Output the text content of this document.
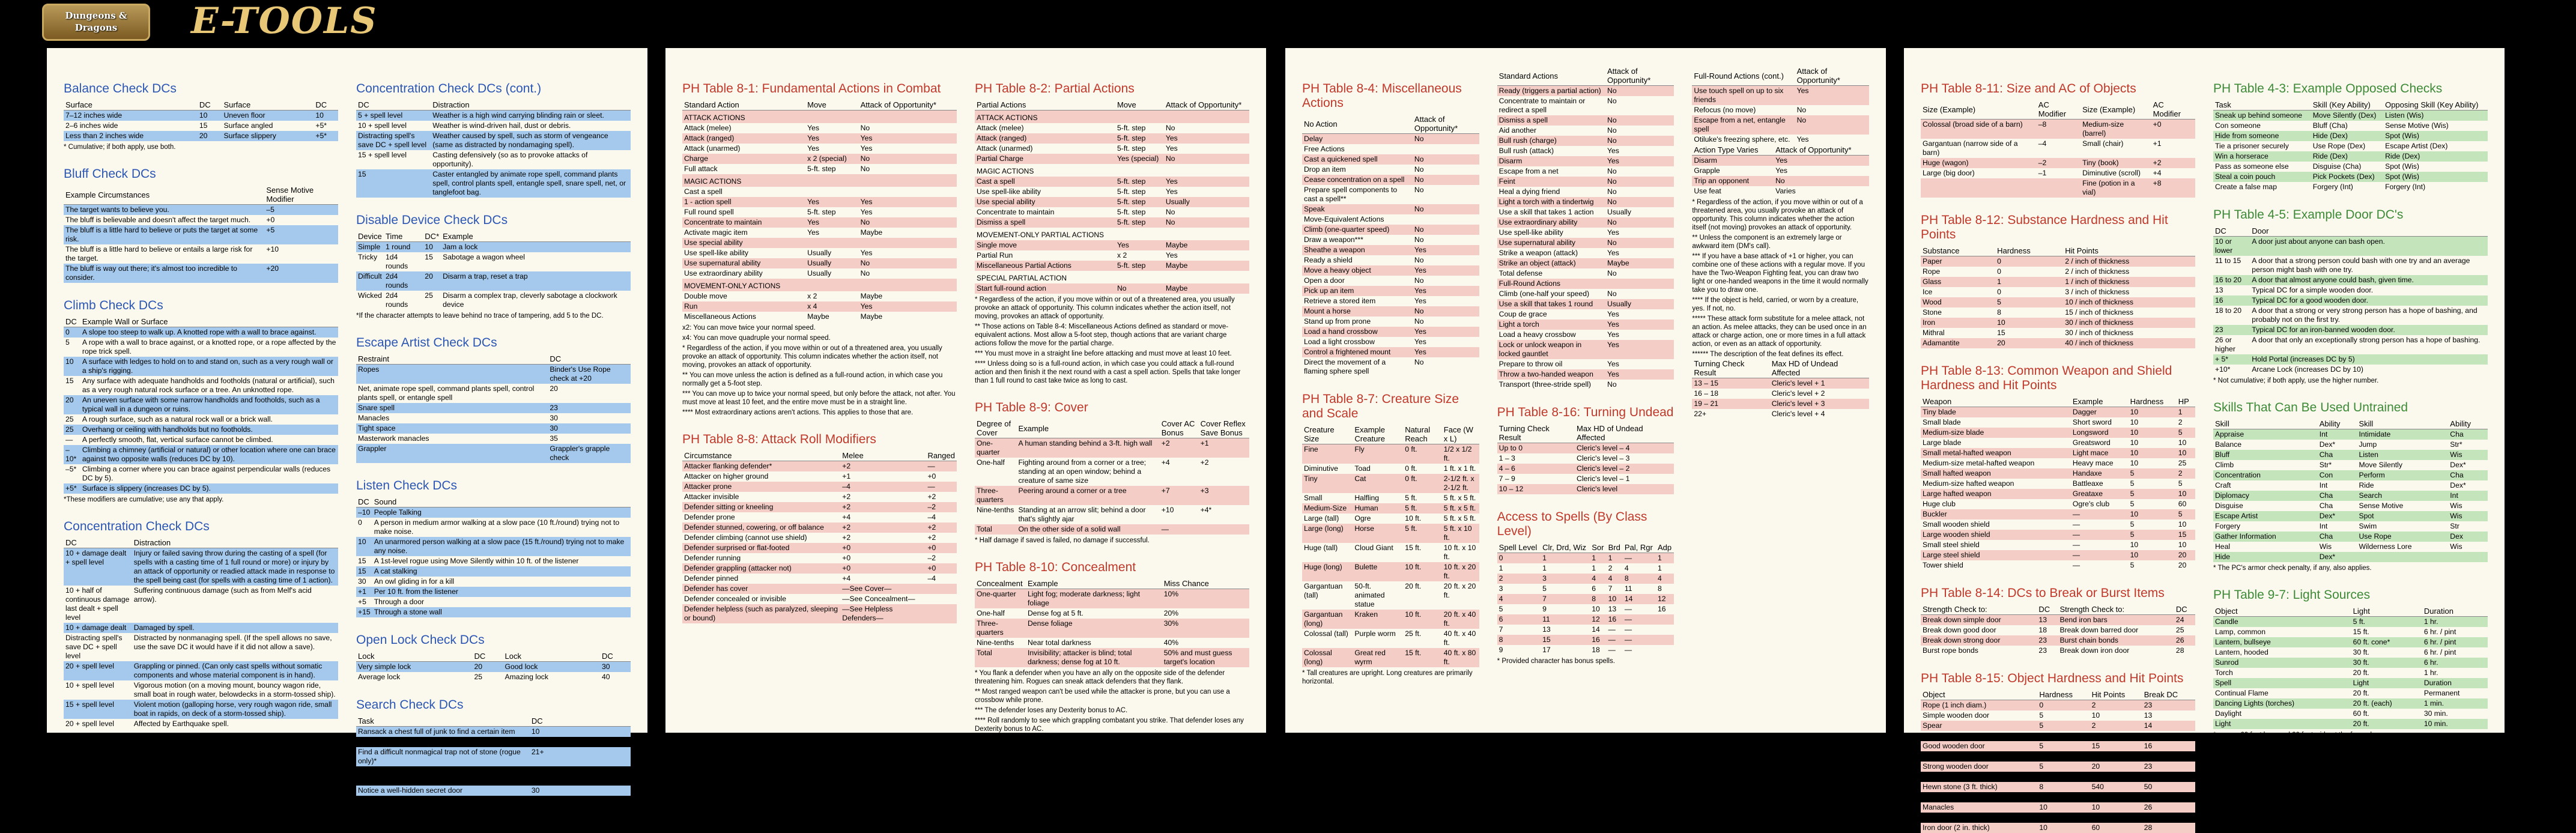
Dungeons & Dragons	E-TOOLS
Balance Check DCs
Surface	DC	Surface	DC
7–12 inches wide	10	Uneven floor	10
2–6 inches wide	15	Surface angled	+5*
Less than 2 inches wide	20	Surface slippery	+5*
* Cumulative; if both apply, use both.
Bluff Check DCs
Example Circumstances	Sense Motive Modifier
The target wants to believe you.	–5
The bluff is believable and doesn't affect the target much.	+0
The bluff is a little hard to believe or puts the target at some risk.	+5
The bluff is a little hard to believe or entails a large risk for the target.	+10
The bluff is way out there; it's almost too incredible to consider.	+20
Climb Check DCs
DC	Example Wall or Surface
0	A slope too steep to walk up. A knotted rope with a wall to brace against.
5	A rope with a wall to brace against, or a knotted rope, or a rope affected by the rope trick spell.
10	A surface with ledges to hold on to and stand on, such as a very rough wall or a ship's rigging.
15	Any surface with adequate handholds and footholds (natural or artificial), such as a very rough natural rock surface or a tree. An unknotted rope.
20	An uneven surface with some narrow handholds and footholds, such as a typical wall in a dungeon or ruins.
25	A rough surface, such as a natural rock wall or a brick wall.
25	Overhang or ceiling with handholds but no footholds.
—	A perfectly smooth, flat, vertical surface cannot be climbed.
–10*	Climbing a chimney (artificial or natural) or other location where one can brace against two opposite walls (reduces DC by 10).
–5*	Climbing a corner where you can brace against perpendicular walls (reduces DC by 5).
+5*	Surface is slippery (increases DC by 5).
*These modifiers are cumulative; use any that apply.
Concentration Check DCs
DC	Distraction
10 + damage dealt + spell level	Injury or failed saving throw during the casting of a spell (for spells with a casting time of 1 full round or more) or injury by an attack of opportunity or readied attack made in response to the spell being cast (for spells with a casting time of 1 action).
10 + half of continuous damage last dealt + spell level	Suffering continuous damage (such as from Melf's acid arrow).
10 + damage dealt	Damaged by spell.
Distracting spell's save DC + spell level	Distracted by nonmanaging spell. (If the spell allows no save, use the save DC it would have if it did not allow a save).
20 + spell level	Grappling or pinned. (Can only cast spells without somatic components and whose material component is in hand).
10 + spell level	Vigorous motion (on a moving mount, bouncy wagon ride, small boat in rough water, belowdecks in a storm-tossed ship).
15 + spell level	Violent motion (galloping horse, very rough wagon ride, small boat in rapids, on deck of a storm-tossed ship).
20 + spell level	Affected by Earthquake spell.
Concentration Check DCs (cont.)
DC	Distraction
5 + spell level	Weather is a high wind carrying blinding rain or sleet.
10 + spell level	Weather is wind-driven hail, dust or debris.
Distracting spell's save DC + spell level	Weather caused by spell, such as storm of vengeance (same as distracted by nondamaging spell).
15 + spell level	Casting defensively (so as to provoke attacks of opportunity).
15	Caster entangled by animate rope spell, command plants spell, control plants spell, entangle spell, snare spell, net, or tanglefoot bag.
Disable Device Check DCs
Device	Time	DC*	Example
Simple	1 round	10	Jam a lock
Tricky	1d4 rounds	15	Sabotage a wagon wheel
Difficult	2d4 rounds	20	Disarm a trap, reset a trap
Wicked	2d4 rounds	25	Disarm a complex trap, cleverly sabotage a clockwork device
*If the character attempts to leave behind no trace of tampering, add 5 to the DC.
Escape Artist Check DCs
Restraint	DC
Ropes	Binder's Use Rope check at +20
Net, animate rope spell, command plants spell, control plants spell, or entangle spell	20
Snare spell	23
Manacles	30
Tight space	30
Masterwork manacles	35
Grappler	Grappler's grapple check
Listen Check DCs
DC	Sound
–10	People Talking
0	A person in medium armor walking at a slow pace (10 ft./round) trying not to make noise.
10	An unarmored person walking at a slow pace (15 ft./round) trying not to make any noise.
15	A 1st-level rogue using Move Silently within 10 ft. of the listener
15	A cat stalking
30	An owl gliding in for a kill
+1	Per 10 ft. from the listener
+5	Through a door
+15	Through a stone wall
Open Lock Check DCs
Lock	DC	Lock	DC
Very simple lock	20	Good lock	30
Average lock	25	Amazing lock	40
Search Check DCs
Task	DC
Ransack a chest full of junk to find a certain item	10
Notice a typical secret door or a simple trap	20
Find a difficult nonmagical trap not of stone (rogue only)*	21+
Find a magic trap (rogue only)*	25 + level of spell used to create
Notice a well-hidden secret door	30
*Dwarves who are not rogues can use Search to find a trap built into or out of stone.
PH Table 8-1: Fundamental Actions in Combat
Standard Action	Move	Attack of Opportunity*
ATTACK ACTIONS		
Attack (melee)	Yes	No
Attack (ranged)	Yes	Yes
Attack (unarmed)	Yes	Yes
Charge	x 2 (special)	No
Full attack	5-ft. step	No
MAGIC ACTIONS		
Cast a spell		
1 - action spell	Yes	Yes
Full round spell	5-ft. step	Yes
Concentrate to maintain	Yes	No
Activate magic item	Yes	Maybe
Use special ability		
Use spell-like ability	Usually	Yes
Use supernatural ability	Usually	No
Use extraordinary ability	Usually	No
MOVEMENT-ONLY ACTIONS		
Double move	x 2	Maybe
Run	x 4	Yes
Miscellaneous Actions	Maybe	Maybe
x2: You can move twice your normal speed.
x4: You can move quadruple your normal speed.
* Regardless of the action, if you move within or out of a threatened area, you usually provoke an attack of opportunity. This column indicates whether the action itself, not moving, provokes an attack of opportunity.
** You can move unless the action is defined as a full-round action, in which case you normally get a 5-foot step.
*** You can move up to twice your normal speed, but only before the attack, not after. You must move at least 10 feet, and the entire move must be in a straight line.
**** Most extraordinary actions aren't actions. This applies to those that are.
PH Table 8-8: Attack Roll Modifiers
Circumstance	Melee	Ranged
Attacker flanking defender*	+2	—
Attacker on higher ground	+1	+0
Attacker prone	–4	—
Attacker invisible	+2	+2
Defender sitting or kneeling	+2	–2
Defender prone	+4	–4
Defender stunned, cowering, or off balance	+2	+2
Defender climbing (cannot use shield)	+2	+2
Defender surprised or flat-footed	+0	+0
Defender running	+0	–2
Defender grappling (attacker not)	+0	+0
Defender pinned	+4	–4
Defender has cover	—See Cover—	
Defender concealed or invisible	—See Concealment—	
Defender helpless (such as paralyzed, sleeping or bound)	—See Helpless Defenders—	
PH Table 8-2: Partial Actions
Partial Actions	Move	Attack of Opportunity*
ATTACK ACTIONS		
Attack (melee)	5-ft. step	No
Attack (ranged)	5-ft. step	Yes
Attack (unarmed)	5-ft. step	Yes
Partial Charge	Yes (special)	No
MAGIC ACTIONS		
Cast a spell	5-ft. step	Yes
Use spell-like ability	5-ft. step	Yes
Use special ability	5-ft. step	Usually
Concentrate to maintain	5-ft. step	No
Dismiss a spell	5-ft. step	No
MOVEMENT-ONLY PARTIAL ACTIONS		
Single move	Yes	Maybe
Partial Run	x 2	Yes
Miscellaneous Partial Actions	5-ft. step	Maybe
SPECIAL PARTIAL ACTION		
Start full-round action	No	Maybe
* Regardless of the action, if you move within or out of a threatened area, you usually provoke an attack of opportunity. This column indicates whether the action itself, not moving, provokes an attack of opportunity.
** Those actions on Table 8-4: Miscellaneous Actions defined as standard or move-equivalent actions. Most allow a 5-foot step, though actions that are variant charge actions follow the move for the partial charge.
*** You must move in a straight line before attacking and must move at least 10 feet.
**** Unless doing so is a full-round action, in which case you could attack a full-round action and then finish it the next round with a cast a spell action. Spells that take longer than 1 full round to cast take twice as long to cast.
PH Table 8-9: Cover
Degree of Cover	Example	Cover AC Bonus	Cover Reflex Save Bonus
One-quarter	A human standing behind a 3-ft. high wall	+2	+1
One-half	Fighting around from a corner or a tree; standing at an open window; behind a creature of same size	+4	+2
Three-quarters	Peering around a corner or a tree	+7	+3
Nine-tenths	Standing at an arrow slit; behind a door that's slightly ajar	+10	+4*
Total	On the other side of a solid wall	—	
* Half damage if saved is failed, no damage if successful.
PH Table 8-10: Concealment
Concealment	Example	Miss Chance
One-quarter	Light fog; moderate darkness; light foliage	10%
One-half	Dense fog at 5 ft.	20%
Three-quarters	Dense foliage	30%
Nine-tenths	Near total darkness	40%
Total	Invisibility; attacker is blind; total darkness; dense fog at 10 ft.	50% and must guess target's location
* You flank a defender when you have an ally on the opposite side of the defender threatening him. Rogues can sneak attack defenders that they flank.
** Most ranged weapon can't be used while the attacker is prone, but you can use a crossbow while prone.
*** The defender loses any Dexterity bonus to AC.
**** Roll randomly to see which grappling combatant you strike. That defender loses any Dexterity bonus to AC.
PH Table 8-4: Miscellaneous Actions
No Action	Attack of Opportunity*
Delay	No
Free Actions	
Cast a quickened spell	No
Drop an item	No
Cease concentration on a spell	No
Prepare spell components to cast a spell**	No
Speak	No
Move-Equivalent Actions	
Climb (one-quarter speed)	No
Draw a weapon***	No
Sheathe a weapon	Yes
Ready a shield	No
Move a heavy object	Yes
Open a door	No
Pick up an item	Yes
Retrieve a stored item	Yes
Mount a horse	No
Stand up from prone	No
Load a hand crossbow	Yes
Load a light crossbow	Yes
Control a frightened mount	Yes
Direct the movement of a flaming sphere spell	No
PH Table 8-7: Creature Size and Scale
Creature Size	Example Creature	Natural Reach	Face (W x L)
Fine	Fly	0 ft.	1/2 x 1/2 ft.
Diminutive	Toad	0 ft.	1 ft. x 1 ft.
Tiny	Cat	0 ft.	2-1/2 ft. x 2-1/2 ft.
Small	Halfling	5 ft.	5 ft. x 5 ft.
Medium-Size	Human	5 ft.	5 ft. x 5 ft.
Large (tall)	Ogre	10 ft.	5 ft. x 5 ft.
Large (long)	Horse	5 ft.	5 ft. x 10 ft.
Huge (tall)	Cloud Giant	15 ft.	10 ft. x 10 ft.
Huge (long)	Bulette	10 ft.	10 ft. x 20 ft.
Gargantuan (tall)	50-ft. animated statue	20 ft.	20 ft. x 20 ft.
Gargantuan (long)	Kraken	10 ft.	20 ft. x 40 ft.
Colossal (tall)	Purple worm	25 ft.	40 ft. x 40 ft.
Colossal (long)	Great red wyrm	15 ft.	40 ft. x 80 ft.
* Tall creatures are upright. Long creatures are primarily horizontal.
Standard Actions	Attack of Opportunity*
Ready (triggers a partial action)	No
Concentrate to maintain or redirect a spell	No
Dismiss a spell	No
Aid another	No
Bull rush (charge)	No
Bull rush (attack)	Yes
Disarm	Yes
Escape from a net	No
Feint	No
Heal a dying friend	No
Light a torch with a tindertwig	No
Use a skill that takes 1 action	Usually
Use extraordinary ability	No
Use spell-like ability	Yes
Use supernatural ability	No
Strike a weapon (attack)	Yes
Strike an object (attack)	Maybe
Total defense	No
Full-Round Actions	
Climb (one-half your speed)	No
Use a skill that takes 1 round	Usually
Coup de grace	Yes
Light a torch	Yes
Load a heavy crossbow	Yes
Lock or unlock weapon in locked gauntlet	Yes
Prepare to throw oil	Yes
Throw a two-handed weapon	Yes
Transport (three-stride spell)	No
PH Table 8-16: Turning Undead
Turning Check Result	Max HD of Undead Affected
Up to 0	Cleric's level – 4
1 – 3	Cleric's level – 3
4 – 6	Cleric's level – 2
7 – 9	Cleric's level – 1
10 – 12	Cleric's level
Access to Spells (By Class Level)
Spell Level	Clr, Drd, Wiz	Sor	Brd	Pal, Rgr	Adp
0	1	1	1	—	1
1	1	1	2	4	1
2	3	4	4	8	4
3	5	6	7	11	8
4	7	8	10	14	12
5	9	10	13	—	16
6	11	12	16	—	
7	13	14	—	—	
8	15	16	—	—	
9	17	18	—	—	
* Provided character has bonus spells.
Full-Round Actions (cont.)	Attack of Opportunity*
Use touch spell on up to six friends	Yes
Refocus (no move)	No
Escape from a net, entangle spell	No
Otiluke's freezing sphere, etc.	Yes
Action Type Varies	Attack of Opportunity*
Disarm	Yes
Grapple	Yes
Trip an opponent	No
Use feat	Varies
* Regardless of the action, if you move within or out of a threatened area, you usually provoke an attack of opportunity. This column indicates whether the action itself (not moving) provokes an attack of opportunity.
** Unless the component is an extremely large or awkward item (DM's call).
*** If you have a base attack of +1 or higher, you can combine one of these actions with a regular move. If you have the Two-Weapon Fighting feat, you can draw two light or one-handed weapons in the time it would normally take you to draw one.
**** If the object is held, carried, or worn by a creature, yes. If not, no.
***** These attack form substitute for a melee attack, not an action. As melee attacks, they can be used once in an attack or charge action, one or more times in a full attack action, or even as an attack of opportunity.
****** The description of the feat defines its effect.
Turning Check Result	Max HD of Undead Affected
13 – 15	Cleric's level + 1
16 – 18	Cleric's level + 2
19 – 21	Cleric's level + 3
22+	Cleric's level + 4
PH Table 8-11: Size and AC of Objects
Size (Example)	AC Modifier	Size (Example)	AC Modifier
Colossal (broad side of a barn)	–8	Medium-size (barrel)	+0
Gargantuan (narrow side of a barn)	–4	Small (chair)	+1
Huge (wagon)	–2	Tiny (book)	+2
Large (big door)	–1	Diminutive (scroll)	+4
		Fine (potion in a vial)	+8
PH Table 8-12: Substance Hardness and Hit Points
Substance	Hardness	Hit Points
Paper	0	2 / inch of thickness
Rope	0	2 / inch of thickness
Glass	1	1 / inch of thickness
Ice	0	3 / inch of thickness
Wood	5	10 / inch of thickness
Stone	8	15 / inch of thickness
Iron	10	30 / inch of thickness
Mithral	15	30 / inch of thickness
Adamantite	20	40 / inch of thickness
PH Table 8-13: Common Weapon and Shield Hardness and Hit Points
Weapon	Example	Hardness	HP
Tiny blade	Dagger	10	1
Small blade	Short sword	10	2
Medium-size blade	Longsword	10	5
Large blade	Greatsword	10	10
Small metal-hafted weapon	Light mace	10	10
Medium-size metal-hafted weapon	Heavy mace	10	25
Small hafted weapon	Handaxe	5	2
Medium-size hafted weapon	Battleaxe	5	5
Large hafted weapon	Greataxe	5	10
Huge club	Ogre's club	5	60
Buckler	—	10	5
Small wooden shield	—	5	10
Large wooden shield	—	5	15
Small steel shield	—	10	10
Large steel shield	—	10	20
Tower shield	—	5	20
PH Table 8-14: DCs to Break or Burst Items
Strength Check to:	DC	Strength Check to:	DC
Break down simple door	13	Bend iron bars	24
Break down good door	18	Break down barred door	25
Break down strong door	23	Burst chain bonds	26
Burst rope bonds	23	Break down iron door	28
PH Table 8-15: Object Hardness and Hit Points
Object	Hardness	Hit Points	Break DC
Rope (1 inch diam.)	0	2	23
Simple wooden door	5	10	13
Spear	5	2	14
Small chest	5	1	17
Good wooden door	5	15	16
Treasure chest	5	15	23
Strong wooden door	5	20	23
Masonry wall (1 ft. thick)	8	90	35
Hewn stone (3 ft. thick)	8	540	50
Chain	10	5	26
Manacles	10	10	26
Masterwork manacles	10	10	28
Iron door (2 in. thick)	10	60	28
PH Table 4-3: Example Opposed Checks
Task	Skill (Key Ability)	Opposing Skill (Key Ability)
Sneak up behind someone	Move Silently (Dex)	Listen (Wis)
Con someone	Bluff (Cha)	Sense Motive (Wis)
Hide from someone	Hide (Dex)	Spot (Wis)
Tie a prisoner securely	Use Rope (Dex)	Escape Artist (Dex)
Win a horserace	Ride (Dex)	Ride (Dex)
Pass as someone else	Disguise (Cha)	Spot (Wis)
Steal a coin pouch	Pick Pockets (Dex)	Spot (Wis)
Create a false map	Forgery (Int)	Forgery (Int)
PH Table 4-5: Example Door DC's
DC	Door
10 or lower	A door just about anyone can bash open.
11 to 15	A door that a strong person could bash with one try and an average person might bash with one try.
16 to 20	A door that almost anyone could bash, given time.
13	Typical DC for a simple wooden door.
16	Typical DC for a good wooden door.
18 to 20	A door that a strong or very strong person has a hope of bashing, and probably not on the first try.
23	Typical DC for an iron-banned wooden door.
26 or higher	A door that only an exceptionally strong person has a hope of bashing.
+ 5*	Hold Portal (increases DC by 5)
+10*	Arcane Lock (increases DC by 10)
* Not cumulative; if both apply, use the higher number.
Skills That Can Be Used Untrained
Skill	Ability	Skill	Ability
Appraise	Int	Intimidate	Cha
Balance	Dex*	Jump	Str*
Bluff	Cha	Listen	Wis
Climb	Str*	Move Silently	Dex*
Concentration	Con	Perform	Cha
Craft	Int	Ride	Dex*
Diplomacy	Cha	Search	Int
Disguise	Cha	Sense Motive	Wis
Escape Artist	Dex*	Spot	Wis
Forgery	Int	Swim	Str
Gather Information	Cha	Use Rope	Dex
Heal	Wis	Wilderness Lore	Wis
Hide	Dex*		
* The PC's armor check penalty, if any, also applies.
PH Table 9-7: Light Sources
Object	Light	Duration
Candle	5 ft.	1 hr.
Lamp, common	15 ft.	6 hr. / pint
Lantern, bullseye	60 ft. cone*	6 hr. / pint
Lantern, hooded	30 ft.	6 hr. / pint
Sunrod	30 ft.	6 hr.
Torch	20 ft.	1 hr.
Spell	Light	Duration
Continual Flame	20 ft.	Permanent
Dancing Lights (torches)	20 ft. (each)	1 min.
Daylight	60 ft.	30 min.
Light	20 ft.	10 min.
* a cone 60 feet long and 20 feet wide at the far end.
